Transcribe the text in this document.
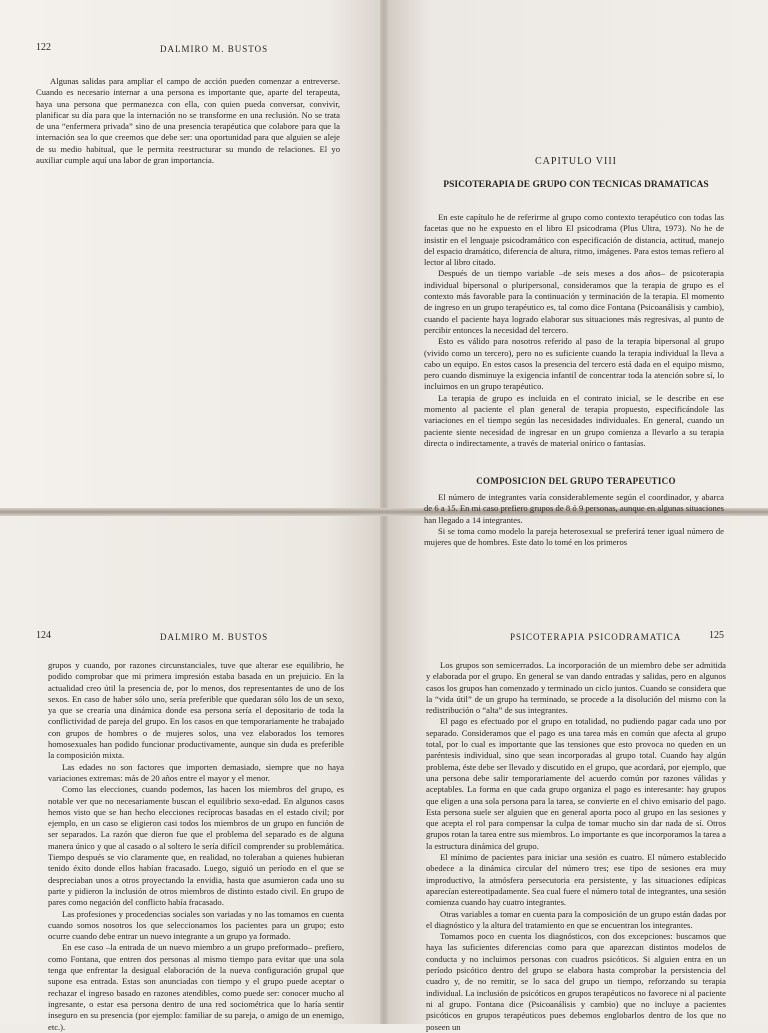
122	DALMIRO M. BUSTOS

Algunas salidas para ampliar el campo de acción pueden comenzar a entreverse. Cuando es necesario internar a una persona es importante que, aparte del terapeuta, haya una persona que permanezca con ella, con quien pueda conversar, convivir, planificar su día para que la internación no se transforme en una reclusión. No se trata de una “enfermera privada” sino de una presencia terapéutica que colabore para que la internación sea lo que creemos que debe ser: una oportunidad para que alguien se aleje de su medio habitual, que le permita reestructurar su mundo de relaciones. El yo auxiliar cumple aquí una labor de gran importancia.	CAPITULO VIII
PSICOTERAPIA DE GRUPO CON TECNICAS DRAMATICAS

En este capítulo he de referirme al grupo como contexto terapéutico con todas las facetas que no he expuesto en el libro El psicodrama (Plus Ultra, 1973). No he de insistir en el lenguaje psicodramático con especificación de distancia, actitud, manejo del espacio dramático, diferencia de altura, ritmo, imágenes. Para estos temas refiero al lector al libro citado.

Después de un tiempo variable –de seis meses a dos años– de psicoterapia individual bipersonal o pluripersonal, consideramos que la terapia de grupo es el contexto más favorable para la continuación y terminación de la terapia. El momento de ingreso en un grupo terapéutico es, tal como dice Fontana (Psicoanálisis y cambio), cuando el paciente haya logrado elaborar sus situaciones más regresivas, al punto de percibir entonces la necesidad del tercero.

Esto es válido para nosotros referido al paso de la terapia bipersonal al grupo (vivido como un tercero), pero no es suficiente cuando la terapia individual la lleva a cabo un equipo. En estos casos la presencia del tercero está dada en el equipo mismo, pero cuando disminuye la exigencia infantil de concentrar toda la atención sobre sí, lo incluimos en un grupo terapéutico.

La terapia de grupo es incluida en el contrato inicial, se le describe en ese momento al paciente el plan general de terapia propuesto, especificándole las variaciones en el tiempo según las necesidades individuales. En general, cuando un paciente siente necesidad de ingresar en un grupo comienza a llevarlo a su terapia directa o indirectamente, a través de material onírico o fantasías.

COMPOSICION DEL GRUPO TERAPEUTICO
124	DALMIRO M. BUSTOS	PSICOTERAPIA PSICODRAMATICA	125

El número de integrantes varía considerablemente según el coordinador, y abarca de 6 a 15. En mi caso prefiero grupos de 8 ó 9 personas, aunque en algunas situaciones han llegado a 14 integrantes.

Si se toma como modelo la pareja heterosexual se preferirá tener igual número de mujeres que de hombres. Este dato lo tomé en los primeros

grupos y cuando, por razones circunstanciales, tuve que alterar ese equilibrio, he podido comprobar que mi primera impresión estaba basada en un prejuicio. En la actualidad creo útil la presencia de, por lo menos, dos representantes de uno de los sexos. En caso de haber sólo uno, sería preferible que quedaran sólo los de un sexo, ya que se crearía una dinámica donde esa persona sería el depositario de toda la conflictividad de pareja del grupo. En los casos en que temporariamente he trabajado con grupos de hombres o de mujeres solos, una vez elaborados los temores homosexuales han podido funcionar productivamente, aunque sin duda es preferible la composición mixta.

Las edades no son factores que importen demasiado, siempre que no haya variaciones extremas: más de 20 años entre el mayor y el menor.

Como las elecciones, cuando podemos, las hacen los miembros del grupo, es notable ver que no necesariamente buscan el equilibrio sexo-edad. En algunos casos hemos visto que se han hecho elecciones recíprocas basadas en el estado civil; por ejemplo, en un caso se eligieron casi todos los miembros de un grupo en función de ser separados. La razón que dieron fue que el problema del separado es de alguna manera único y que al casado o al soltero le sería difícil comprender su problemática. Tiempo después se vio claramente que, en realidad, no toleraban a quienes hubieran tenido éxito donde ellos habían fracasado. Luego, siguió un período en el que se despreciaban unos a otros proyectando la envidia, hasta que asumieron cada uno su parte y pidieron la inclusión de otros miembros de distinto estado civil. En grupo de pares como negación del conflicto había fracasado.

Las profesiones y procedencias sociales son variadas y no las tomamos en cuenta cuando somos nosotros los que seleccionamos los pacientes para un grupo; esto ocurre cuando debe entrar un nuevo integrante a un grupo ya formado.

En ese caso –la entrada de un nuevo miembro a un grupo preformado– prefiero, como Fontana, que entren dos personas al mismo tiempo para evitar que una sola tenga que enfrentar la desigual elaboración de la nueva configuración grupal que supone esa entrada. Estas son anunciadas con tiempo y el grupo puede aceptar o rechazar el ingreso basado en razones atendibles, como puede ser: conocer mucho al ingresante, o estar esa persona dentro de una red sociométrica que lo haría sentir inseguro en su presencia (por ejemplo: familiar de su pareja, o amigo de un enemigo, etc.).

Los grupos son semicerrados. La incorporación de un miembro debe ser admitida y elaborada por el grupo. En general se van dando entradas y salidas, pero en algunos casos los grupos han comenzado y terminado un ciclo juntos. Cuando se considera que la “vida útil” de un grupo ha terminado, se procede a la disolución del mismo con la redistribución o “alta” de sus integrantes.

El pago es efectuado por el grupo en totalidad, no pudiendo pagar cada uno por separado. Consideramos que el pago es una tarea más en común que afecta al grupo total, por lo cual es importante que las tensiones que esto provoca no queden en un paréntesis individual, sino que sean incorporadas al grupo total. Cuando hay algún problema, éste debe ser llevado y discutido en el grupo, que acordará, por ejemplo, que una persona debe salir temporariamente del acuerdo común por razones válidas y aceptables. La forma en que cada grupo organiza el pago es interesante: hay grupos que eligen a una sola persona para la tarea, se convierte en el chivo emisario del pago. Esta persona suele ser alguien que en general aporta poco al grupo en las sesiones y que acepta el rol para compensar la culpa de tomar mucho sin dar nada de sí. Otros grupos rotan la tarea entre sus miembros. Lo importante es que incorporamos la tarea a la estructura dinámica del grupo.

El mínimo de pacientes para iniciar una sesión es cuatro. El número establecido obedece a la dinámica circular del número tres; ese tipo de sesiones era muy improductivo, la atmósfera persecutoria era persistente, y las situaciones edípicas aparecían estereotipadamente. Sea cual fuere el número total de integrantes, una sesión comienza cuando hay cuatro integrantes.

Otras variables a tomar en cuenta para la composición de un grupo están dadas por el diagnóstico y la altura del tratamiento en que se encuentran los integrantes.

Tomamos poco en cuenta los diagnósticos, con dos excepciones: buscamos que haya las suficientes diferencias como para que aparezcan distintos modelos de conducta y no incluimos personas con cuadros psicóticos. Si alguien entra en un período psicótico dentro del grupo se elabora hasta comprobar la persistencia del cuadro y, de no remitir, se lo saca del grupo un tiempo, reforzando su terapia individual. La inclusión de psicóticos en grupos terapéuticos no favorece ni al paciente ni al grupo. Fontana dice (Psicoanálisis y cambio) que no incluye a pacientes psicóticos en grupos terapéuticos pues debemos englobarlos dentro de los que no poseen un
